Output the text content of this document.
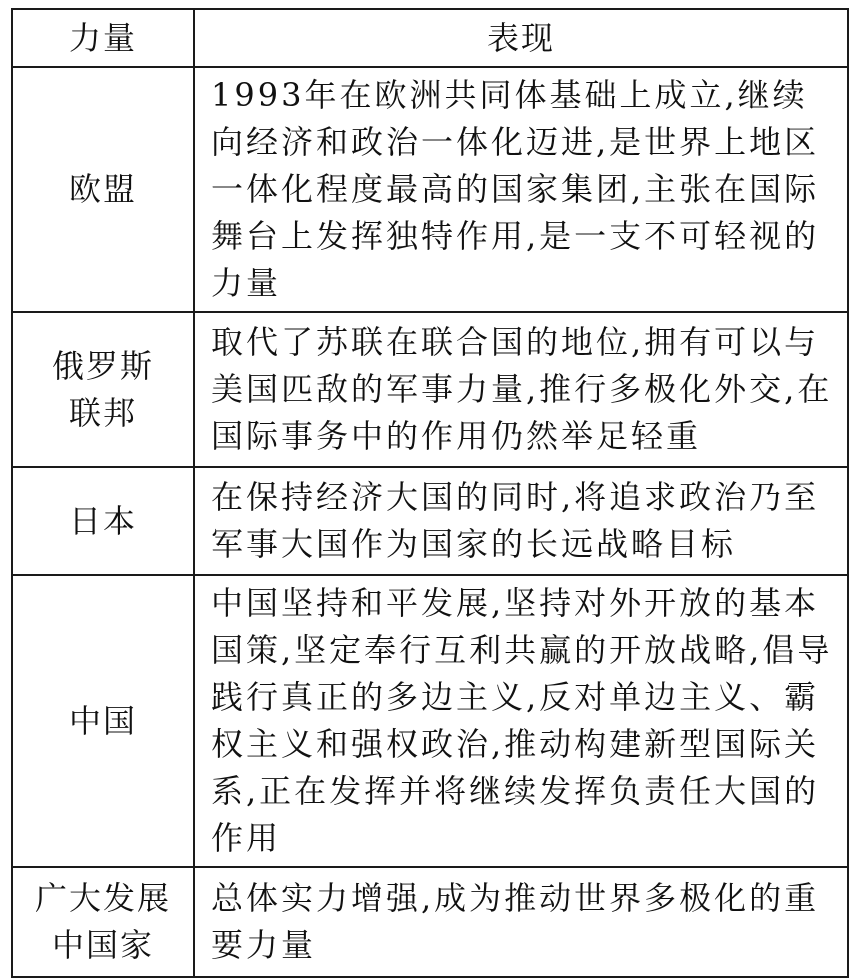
力量	表现
欧盟	1993年在欧洲共同体基础上成立,继续向经济和政治一体化迈进,是世界上地区一体化程度最高的国家集团,主张在国际舞台上发挥独特作用,是一支不可轻视的力量
俄罗斯联邦	取代了苏联在联合国的地位,拥有可以与美国匹敌的军事力量,推行多极化外交,在国际事务中的作用仍然举足轻重
日本	在保持经济大国的同时,将追求政治乃至军事大国作为国家的长远战略目标
中国	中国坚持和平发展,坚持对外开放的基本国策,坚定奉行互利共赢的开放战略,倡导践行真正的多边主义,反对单边主义、霸权主义和强权政治,推动构建新型国际关系,正在发挥并将继续发挥负责任大国的作用
广大发展中国家	总体实力增强,成为推动世界多极化的重要力量
